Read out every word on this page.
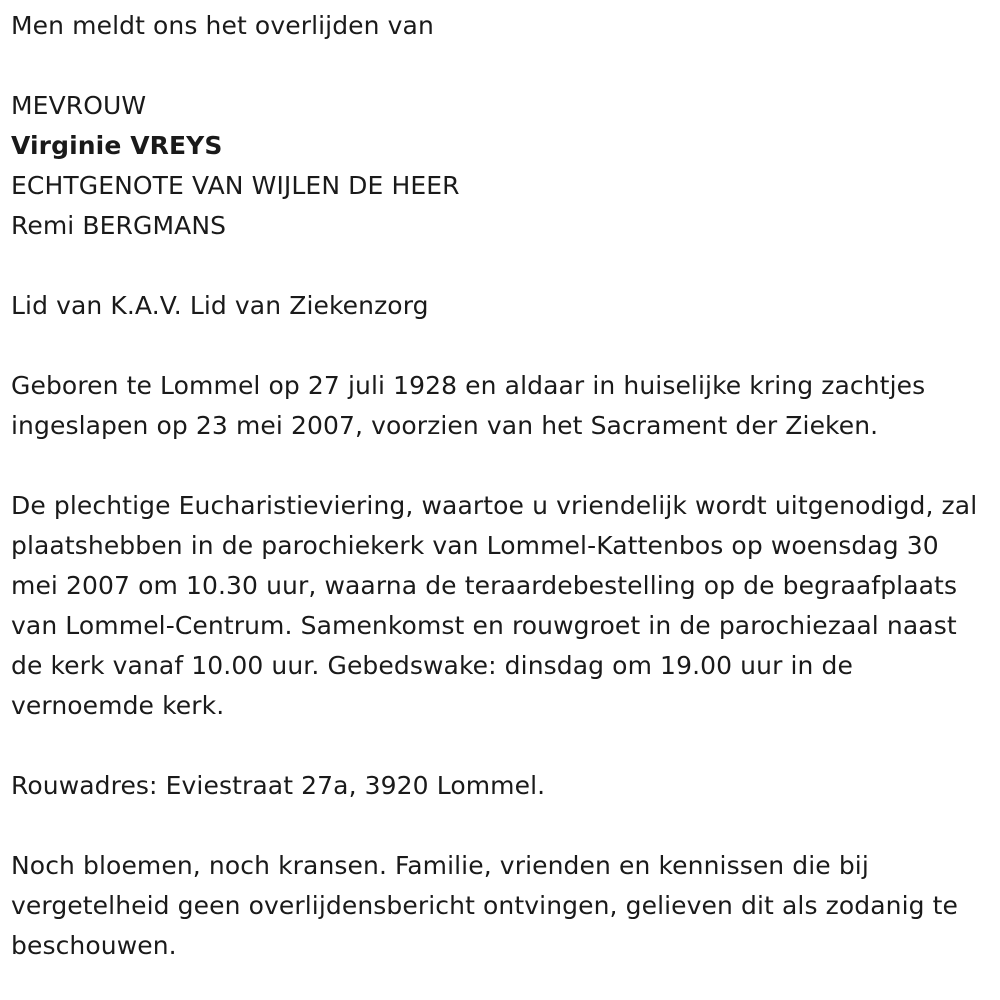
Men meldt ons het overlijden van

MEVROUW

Virginie VREYS

ECHTGENOTE VAN WIJLEN DE HEER

Remi BERGMANS

Lid van K.A.V. Lid van Ziekenzorg

Geboren te Lommel op 27 juli 1928 en aldaar in huiselijke kring zachtjes ingeslapen op 23 mei 2007, voorzien van het Sacrament der Zieken.

De plechtige Eucharistieviering, waartoe u vriendelijk wordt uitgenodigd, zal plaatshebben in de parochiekerk van Lommel-Kattenbos op woensdag 30 mei 2007 om 10.30 uur, waarna de teraardebestelling op de begraafplaats van Lommel-Centrum. Samenkomst en rouwgroet in de parochiezaal naast de kerk vanaf 10.00 uur. Gebedswake: dinsdag om 19.00 uur in de vernoemde kerk.

Rouwadres: Eviestraat 27a, 3920 Lommel.

Noch bloemen, noch kransen. Familie, vrienden en kennissen die bij vergetelheid geen overlijdensbericht ontvingen, gelieven dit als zodanig te beschouwen.
